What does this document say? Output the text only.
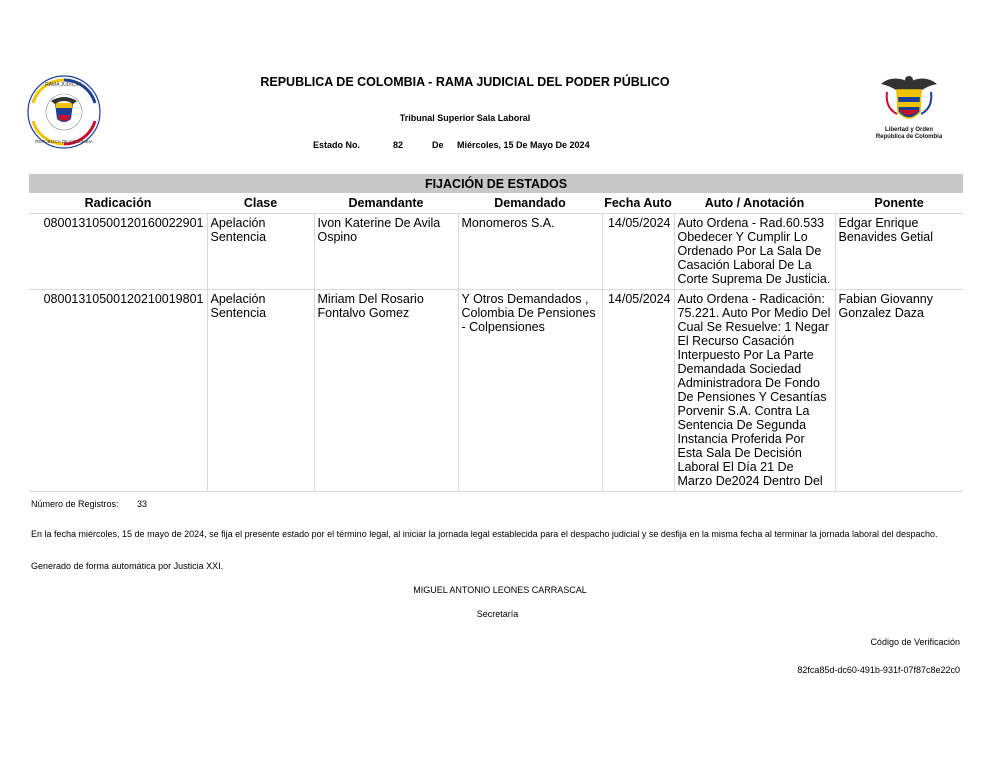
RAMA JUDICIAL
REPÚBLICA DE COLOMBIA
REPUBLICA DE COLOMBIA - RAMA JUDICIAL DEL PODER PÚBLICO
Tribunal Superior Sala Laboral
Estado No.	82	De Miércoles, 15 De Mayo De 2024
Libertad y Orden
República de Colombia
FIJACIÓN DE ESTADOS						
Radicación	Clase	Demandante	Demandado	Fecha Auto	Auto / Anotación	Ponente
08001310500120160022901	Apelación Sentencia	Ivon Katerine De Avila Ospino	Monomeros S.A.	14/05/2024	Auto Ordena - Rad.60.533 Obedecer Y Cumplir Lo Ordenado Por La Sala De Casación Laboral De La Corte Suprema De Justicia.	Edgar Enrique Benavides Getial
08001310500120210019801	Apelación Sentencia	Miriam Del Rosario Fontalvo Gomez	Y Otros Demandados , Colombia De Pensiones - Colpensiones	14/05/2024	Auto Ordena - Radicación: 75.221. Auto Por Medio Del Cual Se Resuelve: 1 Negar El Recurso Casación Interpuesto Por La Parte Demandada Sociedad Administradora De Fondo De Pensiones Y Cesantías Porvenir S.A. Contra La Sentencia De Segunda Instancia Proferida Por Esta Sala De Decisión Laboral El Día 21 De Marzo De2024 Dentro Del	Fabian Giovanny Gonzalez Daza
Número de Registros: 33
En la fecha miércoles, 15 de mayo de 2024, se fija el presente estado por el término legal, al iniciar la jornada legal establecida para el despacho judicial y se desfija en la misma fecha al terminar la jornada laboral del despacho.
Generado de forma automática por Justicia XXI.
MIGUEL ANTONIO LEONES CARRASCAL
Secretaría
Código de Verificación
82fca85d-dc60-491b-931f-07f87c8e22c0
